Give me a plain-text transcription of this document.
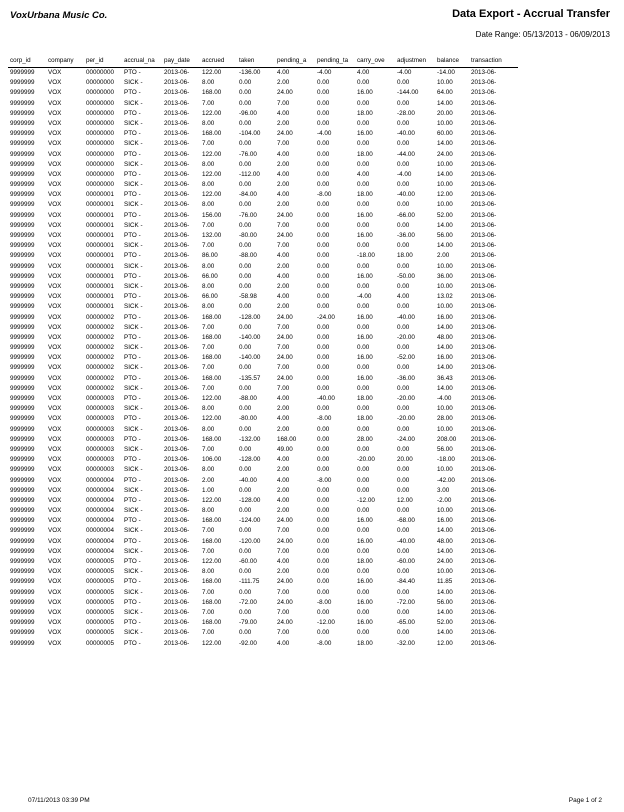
VoxUrbana Music Co.	Data Export - Accrual Transfer
Date Range: 05/13/2013 - 06/09/2013
corp_id	company	per_id	accrual_na	pay_date	accrued	taken	pending_a	pending_ta	carry_ove	adjustmen	balance	transaction
9999999	VOX	00000000	PTO -	2013-06-	122.00	-136.00	4.00	-4.00	4.00	-4.00	-14.00	2013-06-
9999999	VOX	00000000	SICK -	2013-06-	8.00	0.00	2.00	0.00	0.00	0.00	10.00	2013-06-
9999999	VOX	00000000	PTO -	2013-06-	168.00	0.00	24.00	0.00	16.00	-144.00	64.00	2013-06-
9999999	VOX	00000000	SICK -	2013-06-	7.00	0.00	7.00	0.00	0.00	0.00	14.00	2013-06-
9999999	VOX	00000000	PTO -	2013-06-	122.00	-96.00	4.00	0.00	18.00	-28.00	20.00	2013-06-
9999999	VOX	00000000	SICK -	2013-06-	8.00	0.00	2.00	0.00	0.00	0.00	10.00	2013-06-
9999999	VOX	00000000	PTO -	2013-06-	168.00	-104.00	24.00	-4.00	16.00	-40.00	60.00	2013-06-
9999999	VOX	00000000	SICK -	2013-06-	7.00	0.00	7.00	0.00	0.00	0.00	14.00	2013-06-
9999999	VOX	00000000	PTO -	2013-06-	122.00	-76.00	4.00	0.00	18.00	-44.00	24.00	2013-06-
9999999	VOX	00000000	SICK -	2013-06-	8.00	0.00	2.00	0.00	0.00	0.00	10.00	2013-06-
9999999	VOX	00000000	PTO -	2013-06-	122.00	-112.00	4.00	0.00	4.00	-4.00	14.00	2013-06-
9999999	VOX	00000000	SICK -	2013-06-	8.00	0.00	2.00	0.00	0.00	0.00	10.00	2013-06-
9999999	VOX	00000001	PTO -	2013-06-	122.00	-84.00	4.00	-8.00	18.00	-40.00	12.00	2013-06-
9999999	VOX	00000001	SICK -	2013-06-	8.00	0.00	2.00	0.00	0.00	0.00	10.00	2013-06-
9999999	VOX	00000001	PTO -	2013-06-	156.00	-76.00	24.00	0.00	16.00	-66.00	52.00	2013-06-
9999999	VOX	00000001	SICK -	2013-06-	7.00	0.00	7.00	0.00	0.00	0.00	14.00	2013-06-
9999999	VOX	00000001	PTO -	2013-06-	132.00	-80.00	24.00	0.00	16.00	-36.00	56.00	2013-06-
9999999	VOX	00000001	SICK -	2013-06-	7.00	0.00	7.00	0.00	0.00	0.00	14.00	2013-06-
9999999	VOX	00000001	PTO -	2013-06-	86.00	-88.00	4.00	0.00	-18.00	18.00	2.00	2013-06-
9999999	VOX	00000001	SICK -	2013-06-	8.00	0.00	2.00	0.00	0.00	0.00	10.00	2013-06-
9999999	VOX	00000001	PTO -	2013-06-	66.00	0.00	4.00	0.00	16.00	-50.00	36.00	2013-06-
9999999	VOX	00000001	SICK -	2013-06-	8.00	0.00	2.00	0.00	0.00	0.00	10.00	2013-06-
9999999	VOX	00000001	PTO -	2013-06-	66.00	-58.98	4.00	0.00	-4.00	4.00	13.02	2013-06-
9999999	VOX	00000001	SICK -	2013-06-	8.00	0.00	2.00	0.00	0.00	0.00	10.00	2013-06-
9999999	VOX	00000002	PTO -	2013-06-	168.00	-128.00	24.00	-24.00	16.00	-40.00	16.00	2013-06-
9999999	VOX	00000002	SICK -	2013-06-	7.00	0.00	7.00	0.00	0.00	0.00	14.00	2013-06-
9999999	VOX	00000002	PTO -	2013-06-	168.00	-140.00	24.00	0.00	16.00	-20.00	48.00	2013-06-
9999999	VOX	00000002	SICK -	2013-06-	7.00	0.00	7.00	0.00	0.00	0.00	14.00	2013-06-
9999999	VOX	00000002	PTO -	2013-06-	168.00	-140.00	24.00	0.00	16.00	-52.00	16.00	2013-06-
9999999	VOX	00000002	SICK -	2013-06-	7.00	0.00	7.00	0.00	0.00	0.00	14.00	2013-06-
9999999	VOX	00000002	PTO -	2013-06-	168.00	-135.57	24.00	0.00	16.00	-36.00	36.43	2013-06-
9999999	VOX	00000002	SICK -	2013-06-	7.00	0.00	7.00	0.00	0.00	0.00	14.00	2013-06-
9999999	VOX	00000003	PTO -	2013-06-	122.00	-88.00	4.00	-40.00	18.00	-20.00	-4.00	2013-06-
9999999	VOX	00000003	SICK -	2013-06-	8.00	0.00	2.00	0.00	0.00	0.00	10.00	2013-06-
9999999	VOX	00000003	PTO -	2013-06-	122.00	-80.00	4.00	-8.00	18.00	-20.00	28.00	2013-06-
9999999	VOX	00000003	SICK -	2013-06-	8.00	0.00	2.00	0.00	0.00	0.00	10.00	2013-06-
9999999	VOX	00000003	PTO -	2013-06-	168.00	-132.00	168.00	0.00	28.00	-24.00	208.00	2013-06-
9999999	VOX	00000003	SICK -	2013-06-	7.00	0.00	49.00	0.00	0.00	0.00	56.00	2013-06-
9999999	VOX	00000003	PTO -	2013-06-	106.00	-128.00	4.00	0.00	-20.00	20.00	-18.00	2013-06-
9999999	VOX	00000003	SICK -	2013-06-	8.00	0.00	2.00	0.00	0.00	0.00	10.00	2013-06-
9999999	VOX	00000004	PTO -	2013-06-	2.00	-40.00	4.00	-8.00	0.00	0.00	-42.00	2013-06-
9999999	VOX	00000004	SICK -	2013-06-	1.00	0.00	2.00	0.00	0.00	0.00	3.00	2013-06-
9999999	VOX	00000004	PTO -	2013-06-	122.00	-128.00	4.00	0.00	-12.00	12.00	-2.00	2013-06-
9999999	VOX	00000004	SICK -	2013-06-	8.00	0.00	2.00	0.00	0.00	0.00	10.00	2013-06-
9999999	VOX	00000004	PTO -	2013-06-	168.00	-124.00	24.00	0.00	16.00	-68.00	16.00	2013-06-
9999999	VOX	00000004	SICK -	2013-06-	7.00	0.00	7.00	0.00	0.00	0.00	14.00	2013-06-
9999999	VOX	00000004	PTO -	2013-06-	168.00	-120.00	24.00	0.00	16.00	-40.00	48.00	2013-06-
9999999	VOX	00000004	SICK -	2013-06-	7.00	0.00	7.00	0.00	0.00	0.00	14.00	2013-06-
9999999	VOX	00000005	PTO -	2013-06-	122.00	-60.00	4.00	0.00	18.00	-60.00	24.00	2013-06-
9999999	VOX	00000005	SICK -	2013-06-	8.00	0.00	2.00	0.00	0.00	0.00	10.00	2013-06-
9999999	VOX	00000005	PTO -	2013-06-	168.00	-111.75	24.00	0.00	16.00	-84.40	11.85	2013-06-
9999999	VOX	00000005	SICK -	2013-06-	7.00	0.00	7.00	0.00	0.00	0.00	14.00	2013-06-
9999999	VOX	00000005	PTO -	2013-06-	168.00	-72.00	24.00	-8.00	16.00	-72.00	56.00	2013-06-
9999999	VOX	00000005	SICK -	2013-06-	7.00	0.00	7.00	0.00	0.00	0.00	14.00	2013-06-
9999999	VOX	00000005	PTO -	2013-06-	168.00	-79.00	24.00	-12.00	16.00	-65.00	52.00	2013-06-
9999999	VOX	00000005	SICK -	2013-06-	7.00	0.00	7.00	0.00	0.00	0.00	14.00	2013-06-
9999999	VOX	00000005	PTO -	2013-06-	122.00	-92.00	4.00	-8.00	18.00	-32.00	12.00	2013-06-
07/11/2013 03:39 PM	Page 1 of 2
